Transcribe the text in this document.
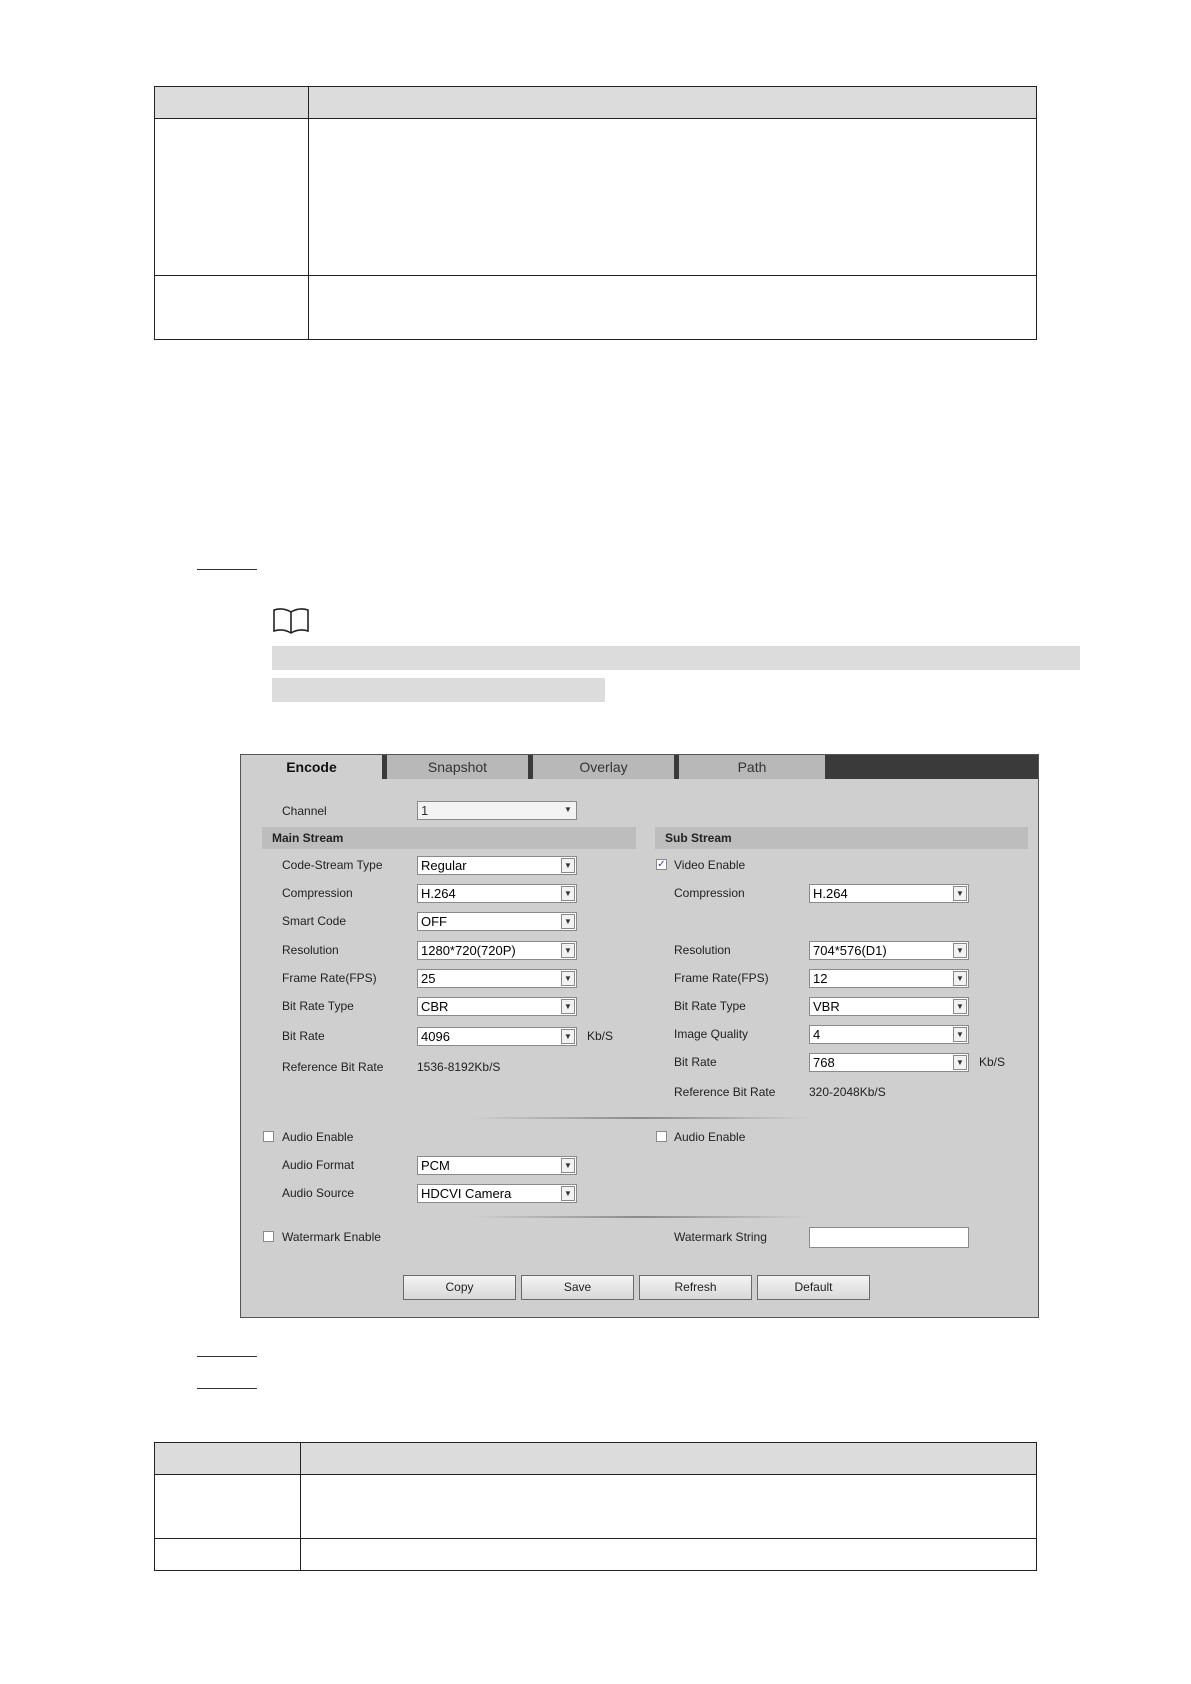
Encode	Snapshot	Overlay	Path
Channel	1	▼
Main Stream	Sub Stream
Code-Stream Type	Regular	▼
Compression	H.264	▼
Smart Code	OFF	▼
Resolution	1280*720(720P)	▼
Frame Rate(FPS)	25	▼
Bit Rate Type	CBR	▼
Bit Rate	4096	▼ Kb/S
Reference Bit Rate	1536-8192Kb/S
✓ Video Enable
Compression	H.264	▼
Resolution	704*576(D1)	▼
Frame Rate(FPS)	12	▼
Bit Rate Type	VBR	▼
Image Quality	4	▼
Bit Rate	768	▼ Kb/S
Reference Bit Rate	320-2048Kb/S
Audio Enable	Audio Enable
Audio Format	PCM	▼
Audio Source	HDCVI Camera	▼
Watermark Enable	Watermark String
Copy	Save	Refresh	Default
